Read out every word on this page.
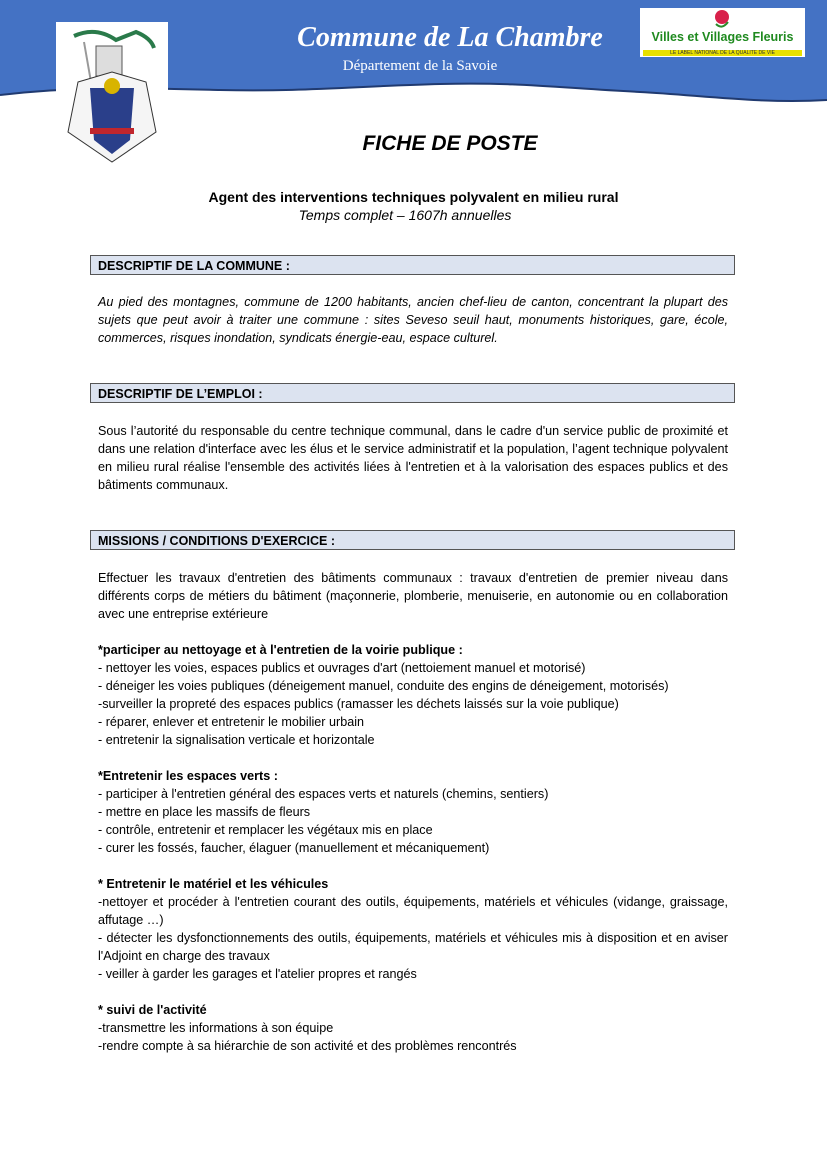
Commune de La Chambre
Département de la Savoie
Villes et Villages Fleuris
LE LABEL NATIONAL DE LA QUALITÉ DE VIE
FICHE DE POSTE
Agent des interventions techniques polyvalent en milieu rural
Temps complet – 1607h annuelles
DESCRIPTIF DE LA COMMUNE :
Au pied des montagnes, commune de 1200 habitants, ancien chef-lieu de canton, concentrant la plupart des sujets que peut avoir à traiter une commune : sites Seveso seuil haut, monuments historiques, gare, école, commerces, risques inondation, syndicats énergie-eau, espace culturel.
DESCRIPTIF DE L’EMPLOI :
Sous l’autorité du responsable du centre technique communal, dans le cadre d'un service public de proximité et dans une relation d'interface avec les élus et le service administratif et la population, l’agent technique polyvalent en milieu rural réalise l'ensemble des activités liées à l'entretien et à la valorisation des espaces publics et des bâtiments communaux.
MISSIONS / CONDITIONS D'EXERCICE :

Effectuer les travaux d'entretien des bâtiments communaux : travaux d'entretien de premier niveau dans différents corps de métiers du bâtiment (maçonnerie, plomberie, menuiserie, en autonomie ou en collaboration avec une entreprise extérieure

*participer au nettoyage et à l'entretien de la voirie publique :

- nettoyer les voies, espaces publics et ouvrages d'art (nettoiement manuel et motorisé)

- déneiger les voies publiques (déneigement manuel, conduite des engins de déneigement, motorisés)

-surveiller la propreté des espaces publics (ramasser les déchets laissés sur la voie publique)

- réparer, enlever et entretenir le mobilier urbain

- entretenir la signalisation verticale et horizontale

*Entretenir les espaces verts :

- participer à l'entretien général des espaces verts et naturels (chemins, sentiers)

- mettre en place les massifs de fleurs

- contrôle, entretenir et remplacer les végétaux mis en place

- curer les fossés, faucher, élaguer (manuellement et mécaniquement)

* Entretenir le matériel et les véhicules

-nettoyer et procéder à l'entretien courant des outils, équipements, matériels et véhicules (vidange, graissage, affutage …)

- détecter les dysfonctionnements des outils, équipements, matériels et véhicules mis à disposition et en aviser l'Adjoint en charge des travaux

- veiller à garder les garages et l'atelier propres et rangés

* suivi de l'activité

-transmettre les informations à son équipe

-rendre compte à sa hiérarchie de son activité et des problèmes rencontrés
